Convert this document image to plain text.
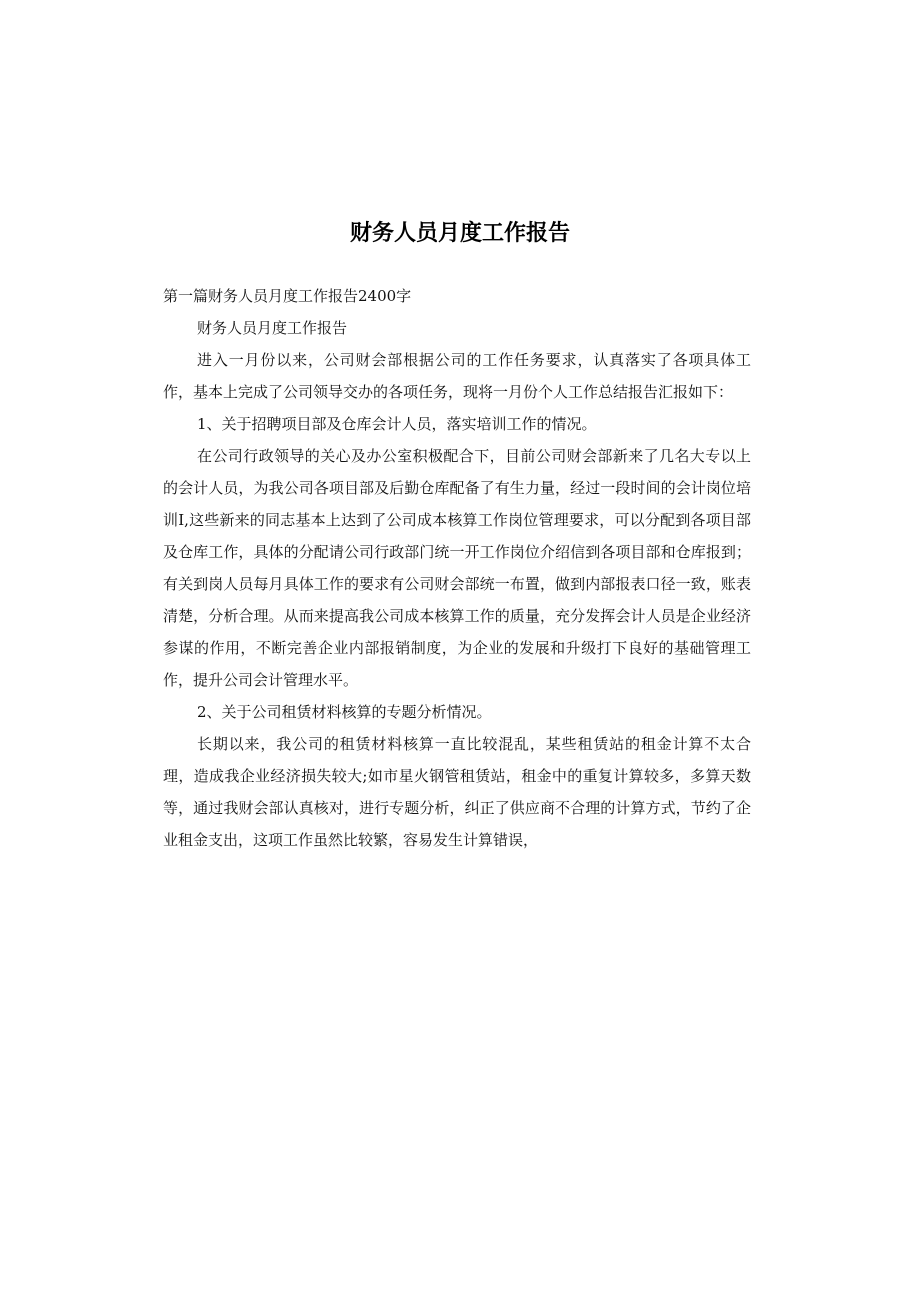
财务人员月度工作报告

第一篇财务人员月度工作报告2400字

财务人员月度工作报告

进入一月份以来，公司财会部根据公司的工作任务要求，认真落实了各项具体工作，基本上完成了公司领导交办的各项任务，现将一月份个人工作总结报告汇报如下：

1、关于招聘项目部及仓库会计人员，落实培训工作的情况。

在公司行政领导的关心及办公室积极配合下，目前公司财会部新来了几名大专以上的会计人员，为我公司各项目部及后勤仓库配备了有生力量，经过一段时间的会计岗位培训I,这些新来的同志基本上达到了公司成本核算工作岗位管理要求，可以分配到各项目部及仓库工作，具体的分配请公司行政部门统一开工作岗位介绍信到各项目部和仓库报到；有关到岗人员每月具体工作的要求有公司财会部统一布置，做到内部报表口径一致，账表清楚，分析合理。从而来提高我公司成本核算工作的质量，充分发挥会计人员是企业经济参谋的作用，不断完善企业内部报销制度，为企业的发展和升级打下良好的基础管理工作，提升公司会计管理水平。

2、关于公司租赁材料核算的专题分析情况。

长期以来，我公司的租赁材料核算一直比较混乱，某些租赁站的租金计算不太合理，造成我企业经济损失较大;如市星火钢管租赁站，租金中的重复计算较多，多算天数等，通过我财会部认真核对，进行专题分析，纠正了供应商不合理的计算方式，节约了企业租金支出，这项工作虽然比较繁，容易发生计算错误，
